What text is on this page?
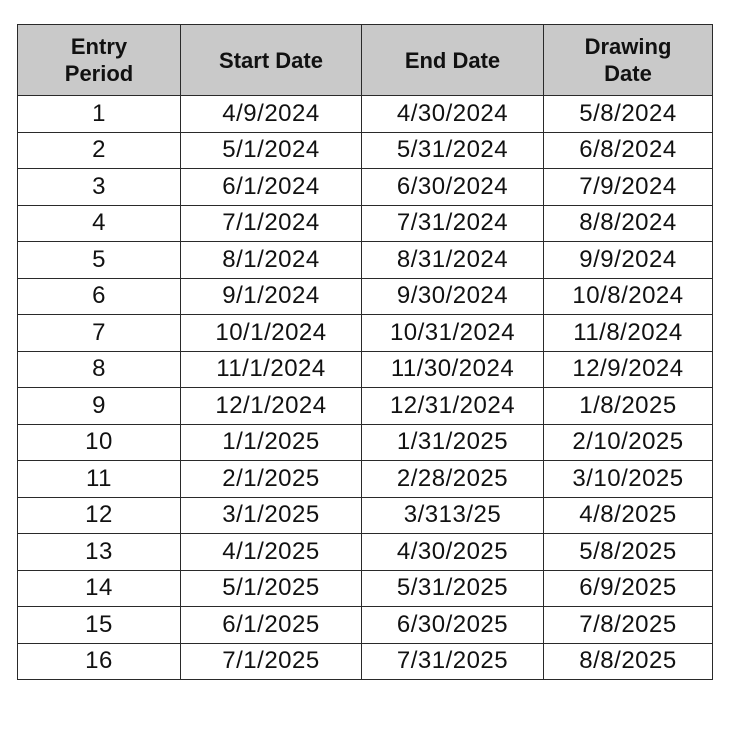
Entry
Period	Start Date	End Date	Drawing
Date

1	4/9/2024	4/30/2024	5/8/2024
2	5/1/2024	5/31/2024	6/8/2024
3	6/1/2024	6/30/2024	7/9/2024
4	7/1/2024	7/31/2024	8/8/2024
5	8/1/2024	8/31/2024	9/9/2024
6	9/1/2024	9/30/2024	10/8/2024
7	10/1/2024	10/31/2024	11/8/2024
8	11/1/2024	11/30/2024	12/9/2024
9	12/1/2024	12/31/2024	1/8/2025
10	1/1/2025	1/31/2025	2/10/2025
11	2/1/2025	2/28/2025	3/10/2025
12	3/1/2025	3/313/25	4/8/2025
13	4/1/2025	4/30/2025	5/8/2025
14	5/1/2025	5/31/2025	6/9/2025
15	6/1/2025	6/30/2025	7/8/2025
16	7/1/2025	7/31/2025	8/8/2025
